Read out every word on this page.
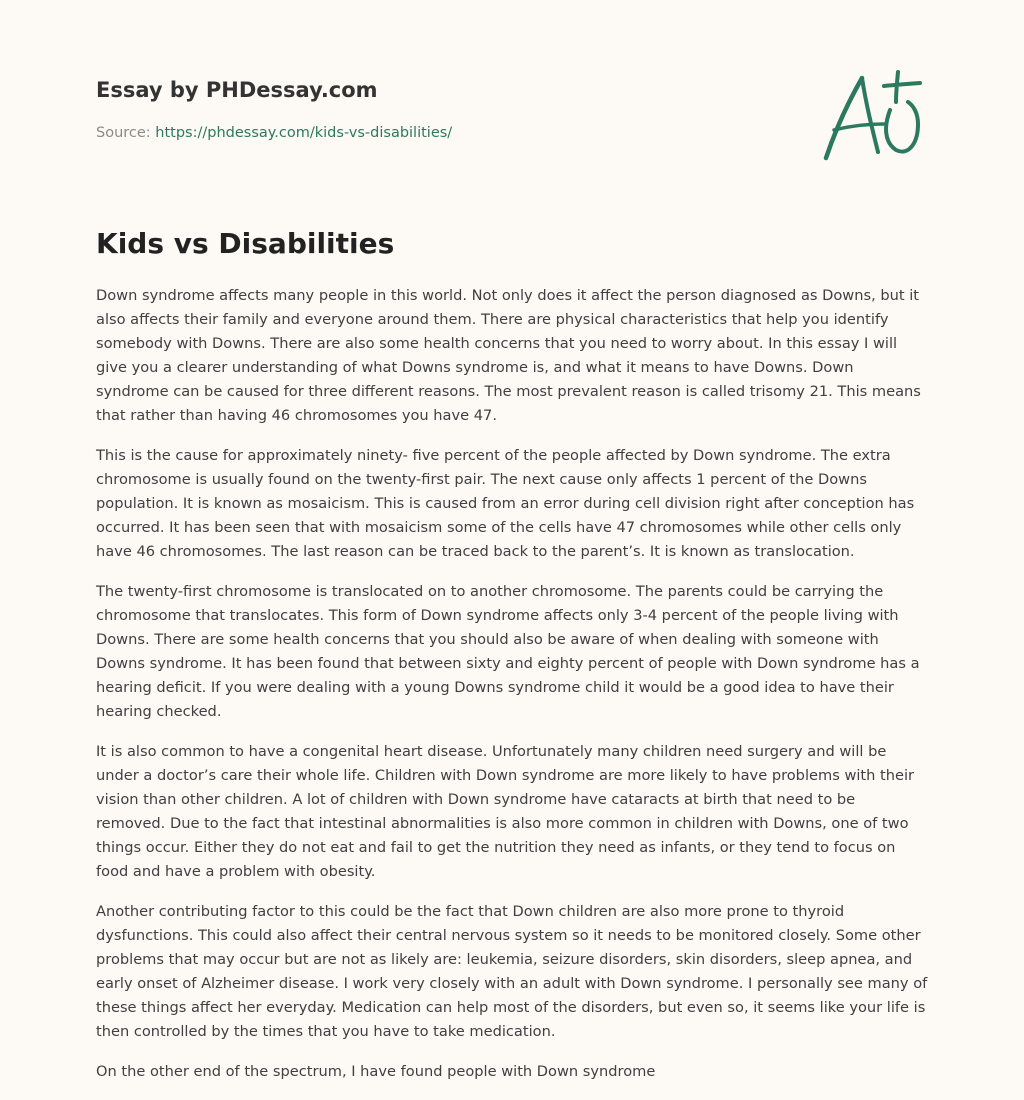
Essay by PHDessay.com
Source: https://phdessay.com/kids-vs-disabilities/
Kids vs Disabilities

Down syndrome affects many people in this world. Not only does it affect the person diagnosed as Downs, but it also affects their family and everyone around them. There are physical characteristics that help you identify somebody with Downs. There are also some health concerns that you need to worry about. In this essay I will give you a clearer understanding of what Downs syndrome is, and what it means to have Downs. Down syndrome can be caused for three different reasons. The most prevalent reason is called trisomy 21. This means that rather than having 46 chromosomes you have 47.

This is the cause for approximately ninety- five percent of the people affected by Down syndrome. The extra chromosome is usually found on the twenty-first pair. The next cause only affects 1 percent of the Downs population. It is known as mosaicism. This is caused from an error during cell division right after conception has occurred. It has been seen that with mosaicism some of the cells have 47 chromosomes while other cells only have 46 chromosomes. The last reason can be traced back to the parent’s. It is known as translocation.

The twenty-first chromosome is translocated on to another chromosome. The parents could be carrying the chromosome that translocates. This form of Down syndrome affects only 3-4 percent of the people living with Downs. There are some health concerns that you should also be aware of when dealing with someone with Downs syndrome. It has been found that between sixty and eighty percent of people with Down syndrome has a hearing deficit. If you were dealing with a young Downs syndrome child it would be a good idea to have their hearing checked.

It is also common to have a congenital heart disease. Unfortunately many children need surgery and will be under a doctor’s care their whole life. Children with Down syndrome are more likely to have problems with their vision than other children. A lot of children with Down syndrome have cataracts at birth that need to be removed. Due to the fact that intestinal abnormalities is also more common in children with Downs, one of two things occur. Either they do not eat and fail to get the nutrition they need as infants, or they tend to focus on food and have a problem with obesity.

Another contributing factor to this could be the fact that Down children are also more prone to thyroid dysfunctions. This could also affect their central nervous system so it needs to be monitored closely. Some other problems that may occur but are not as likely are: leukemia, seizure disorders, skin disorders, sleep apnea, and early onset of Alzheimer disease. I work very closely with an adult with Down syndrome. I personally see many of these things affect her everyday. Medication can help most of the disorders, but even so, it seems like your life is then controlled by the times that you have to take medication.

On the other end of the spectrum, I have found people with Down syndrome
